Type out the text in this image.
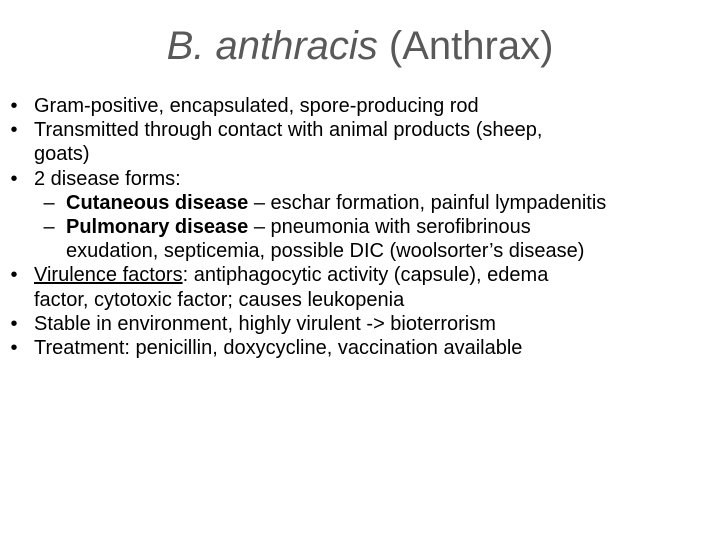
B. anthracis (Anthrax)
• Gram-positive, encapsulated, spore-producing rod
• Transmitted through contact with animal products (sheep,
goats)
• 2 disease forms:
– Cutaneous disease – eschar formation, painful lympadenitis
– Pulmonary disease – pneumonia with serofibrinous
exudation, septicemia, possible DIC (woolsorter’s disease)
• Virulence factors: antiphagocytic activity (capsule), edema
factor, cytotoxic factor; causes leukopenia
• Stable in environment, highly virulent -> bioterrorism
• Treatment: penicillin, doxycycline, vaccination available
